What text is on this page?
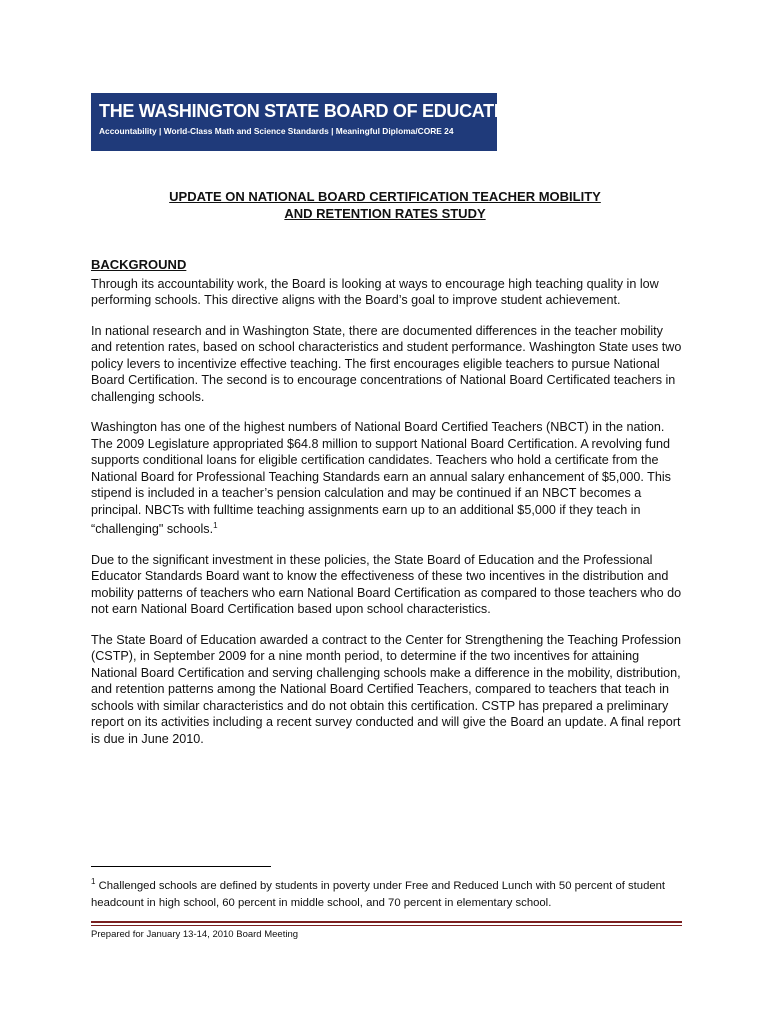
THE WASHINGTON STATE BOARD OF EDUCATION
Accountability | World-Class Math and Science Standards | Meaningful Diploma/CORE 24
UPDATE ON NATIONAL BOARD CERTIFICATION TEACHER MOBILITY
AND RETENTION RATES STUDY
BACKGROUND

Through its accountability work, the Board is looking at ways to encourage high teaching quality in low performing schools. This directive aligns with the Board’s goal to improve student achievement.

In national research and in Washington State, there are documented differences in the teacher mobility and retention rates, based on school characteristics and student performance. Washington State uses two policy levers to incentivize effective teaching. The first encourages eligible teachers to pursue National Board Certification. The second is to encourage concentrations of National Board Certificated teachers in challenging schools.

Washington has one of the highest numbers of National Board Certified Teachers (NBCT) in the nation. The 2009 Legislature appropriated $64.8 million to support National Board Certification. A revolving fund supports conditional loans for eligible certification candidates. Teachers who hold a certificate from the National Board for Professional Teaching Standards earn an annual salary enhancement of $5,000. This stipend is included in a teacher’s pension calculation and may be continued if an NBCT becomes a principal. NBCTs with fulltime teaching assignments earn up to an additional $5,000 if they teach in “challenging" schools.$^1$

Due to the significant investment in these policies, the State Board of Education and the Professional Educator Standards Board want to know the effectiveness of these two incentives in the distribution and mobility patterns of teachers who earn National Board Certification as compared to those teachers who do not earn National Board Certification based upon school characteristics.

The State Board of Education awarded a contract to the Center for Strengthening the Teaching Profession (CSTP), in September 2009 for a nine month period, to determine if the two incentives for attaining National Board Certification and serving challenging schools make a difference in the mobility, distribution, and retention patterns among the National Board Certified Teachers, compared to teachers that teach in schools with similar characteristics and do not obtain this certification. CSTP has prepared a preliminary report on its activities including a recent survey conducted and will give the Board an update. A final report is due in June 2010.

$^1$ Challenged schools are defined by students in poverty under Free and Reduced Lunch with 50 percent of student headcount in high school, 60 percent in middle school, and 70 percent in elementary school.
Prepared for January 13-14, 2010 Board Meeting
